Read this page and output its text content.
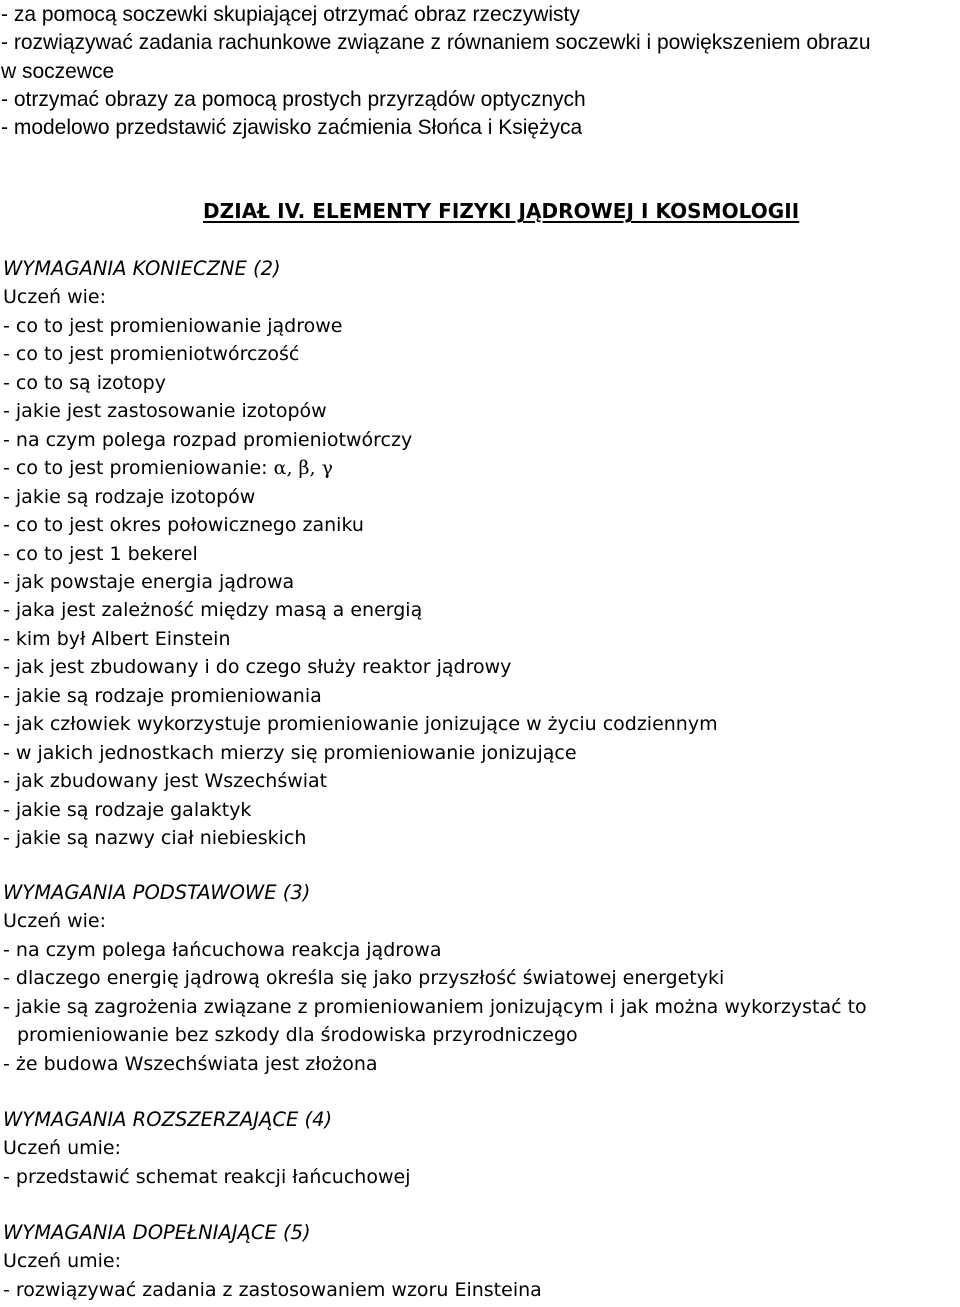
- za pomocą soczewki skupiającej otrzymać obraz rzeczywisty
- rozwiązywać zadania rachunkowe związane z równaniem soczewki i powiększeniem obrazu
w soczewce
- otrzymać obrazy za pomocą prostych przyrządów optycznych
- modelowo przedstawić zjawisko zaćmienia Słońca i Księżyca
DZIAŁ IV. ELEMENTY FIZYKI JĄDROWEJ I KOSMOLOGII
WYMAGANIA KONIECZNE (2)
Uczeń wie:
- co to jest promieniowanie jądrowe
- co to jest promieniotwórczość
- co to są izotopy
- jakie jest zastosowanie izotopów
- na czym polega rozpad promieniotwórczy
- co to jest promieniowanie: α, β, γ
- jakie są rodzaje izotopów
- co to jest okres połowicznego zaniku
- co to jest 1 bekerel
- jak powstaje energia jądrowa
- jaka jest zależność między masą a energią
- kim był Albert Einstein
- jak jest zbudowany i do czego służy reaktor jądrowy
- jakie są rodzaje promieniowania
- jak człowiek wykorzystuje promieniowanie jonizujące w życiu codziennym
- w jakich jednostkach mierzy się promieniowanie jonizujące
- jak zbudowany jest Wszechświat
- jakie są rodzaje galaktyk
- jakie są nazwy ciał niebieskich
WYMAGANIA PODSTAWOWE (3)
Uczeń wie:
- na czym polega łańcuchowa reakcja jądrowa
- dlaczego energię jądrową określa się jako przyszłość światowej energetyki
- jakie są zagrożenia związane z promieniowaniem jonizującym i jak można wykorzystać to
promieniowanie bez szkody dla środowiska przyrodniczego
- że budowa Wszechświata jest złożona
WYMAGANIA ROZSZERZAJĄCE (4)
Uczeń umie:
- przedstawić schemat reakcji łańcuchowej
WYMAGANIA DOPEŁNIAJĄCE (5)
Uczeń umie:
- rozwiązywać zadania z zastosowaniem wzoru Einsteina
